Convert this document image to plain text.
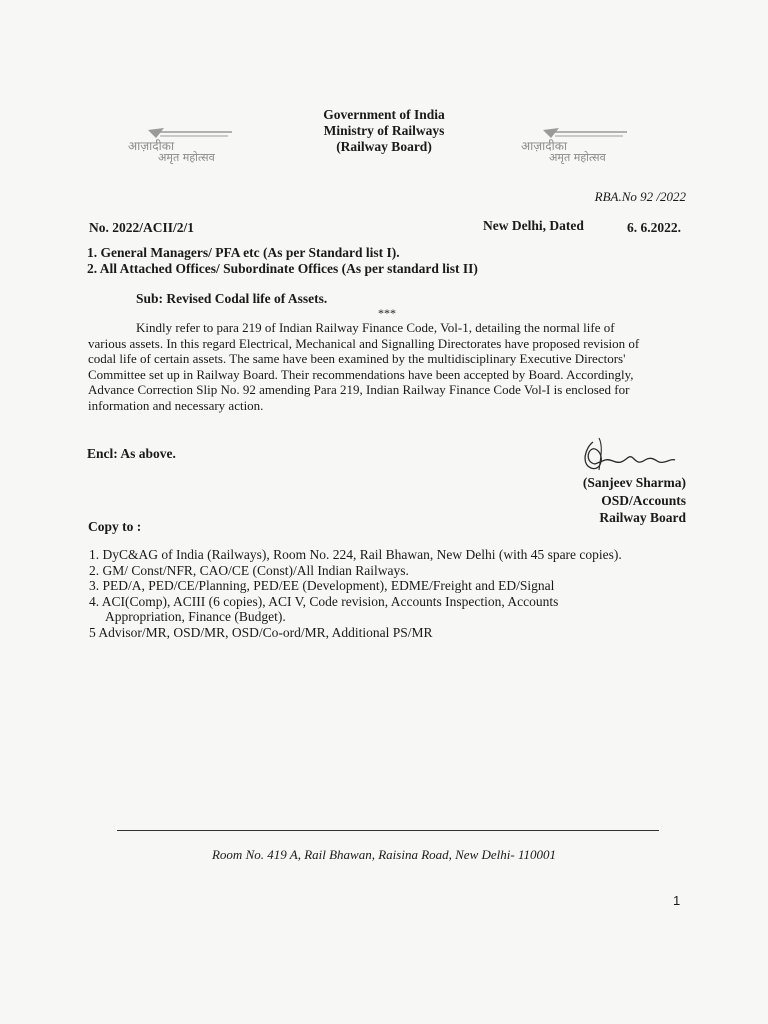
Government of India
Ministry of Railways
(Railway Board)
आज़ादीका
अमृत महोत्सव
आज़ादीका
अमृत महोत्सव
RBA.No 92 /2022
No. 2022/ACII/2/1	New Delhi, Dated	6. 6.2022.
1. General Managers/ PFA etc (As per Standard list I).
2. All Attached Offices/ Subordinate Offices (As per standard list II)
Sub: Revised Codal life of Assets.
***

Kindly refer to para 219 of Indian Railway Finance Code, Vol-1, detailing the normal life of

various assets. In this regard Electrical, Mechanical and Signalling Directorates have proposed revision of

codal life of certain assets. The same have been examined by the multidisciplinary Executive Directors'

Committee set up in Railway Board. Their recommendations have been accepted by Board. Accordingly,

Advance Correction Slip No. 92 amending Para 219, Indian Railway Finance Code Vol-I is enclosed for

information and necessary action.

Encl: As above.
(Sanjeev Sharma)
OSD/Accounts
Railway Board
Copy to :
1. DyC&AG of India (Railways), Room No. 224, Rail Bhawan, New Delhi (with 45 spare copies).
2. GM/ Const/NFR, CAO/CE (Const)/All Indian Railways.
3. PED/A, PED/CE/Planning, PED/EE (Development), EDME/Freight and ED/Signal
4. ACI(Comp), ACIII (6 copies), ACI V, Code revision, Accounts Inspection, Accounts
Appropriation, Finance (Budget).
5 Advisor/MR, OSD/MR, OSD/Co-ord/MR, Additional PS/MR
Room No. 419 A, Rail Bhawan, Raisina Road, New Delhi- 110001
1
